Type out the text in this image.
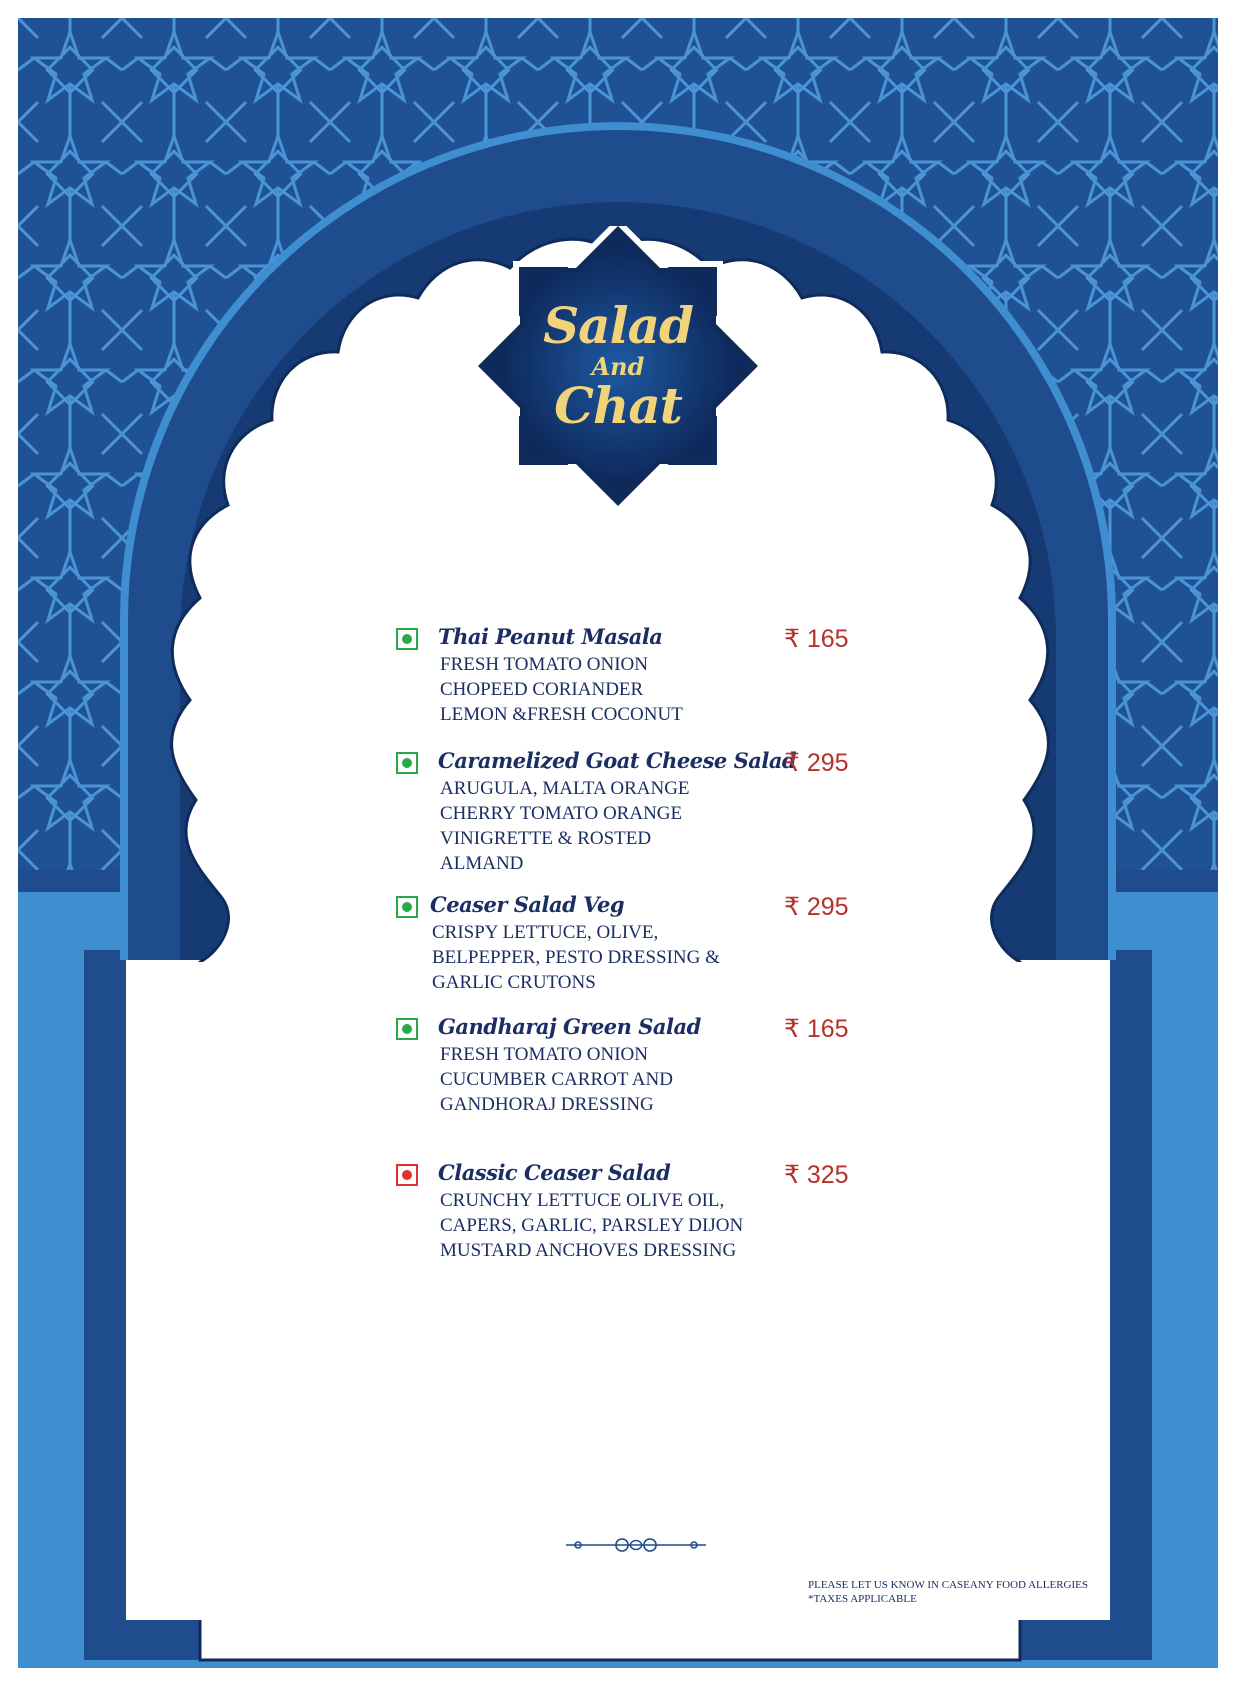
Salad
And
Chat
Thai Peanut Masala	₹ 165
FRESH TOMATO ONION
CHOPEED CORIANDER
LEMON &FRESH COCONUT
Caramelized Goat Cheese Salad
₹ 295
ARUGULA, MALTA ORANGE
CHERRY TOMATO ORANGE
VINIGRETTE & ROSTED
ALMAND
Ceaser Salad Veg	₹ 295
CRISPY LETTUCE, OLIVE,
BELPEPPER, PESTO DRESSING &
GARLIC CRUTONS
Gandharaj Green Salad	₹ 165
FRESH TOMATO ONION
CUCUMBER CARROT AND
GANDHORAJ DRESSING
Classic Ceaser Salad	₹ 325
CRUNCHY LETTUCE OLIVE OIL,
CAPERS, GARLIC, PARSLEY DIJON
MUSTARD ANCHOVES DRESSING
PLEASE LET US KNOW IN CASEANY FOOD ALLERGIES
*TAXES APPLICABLE
